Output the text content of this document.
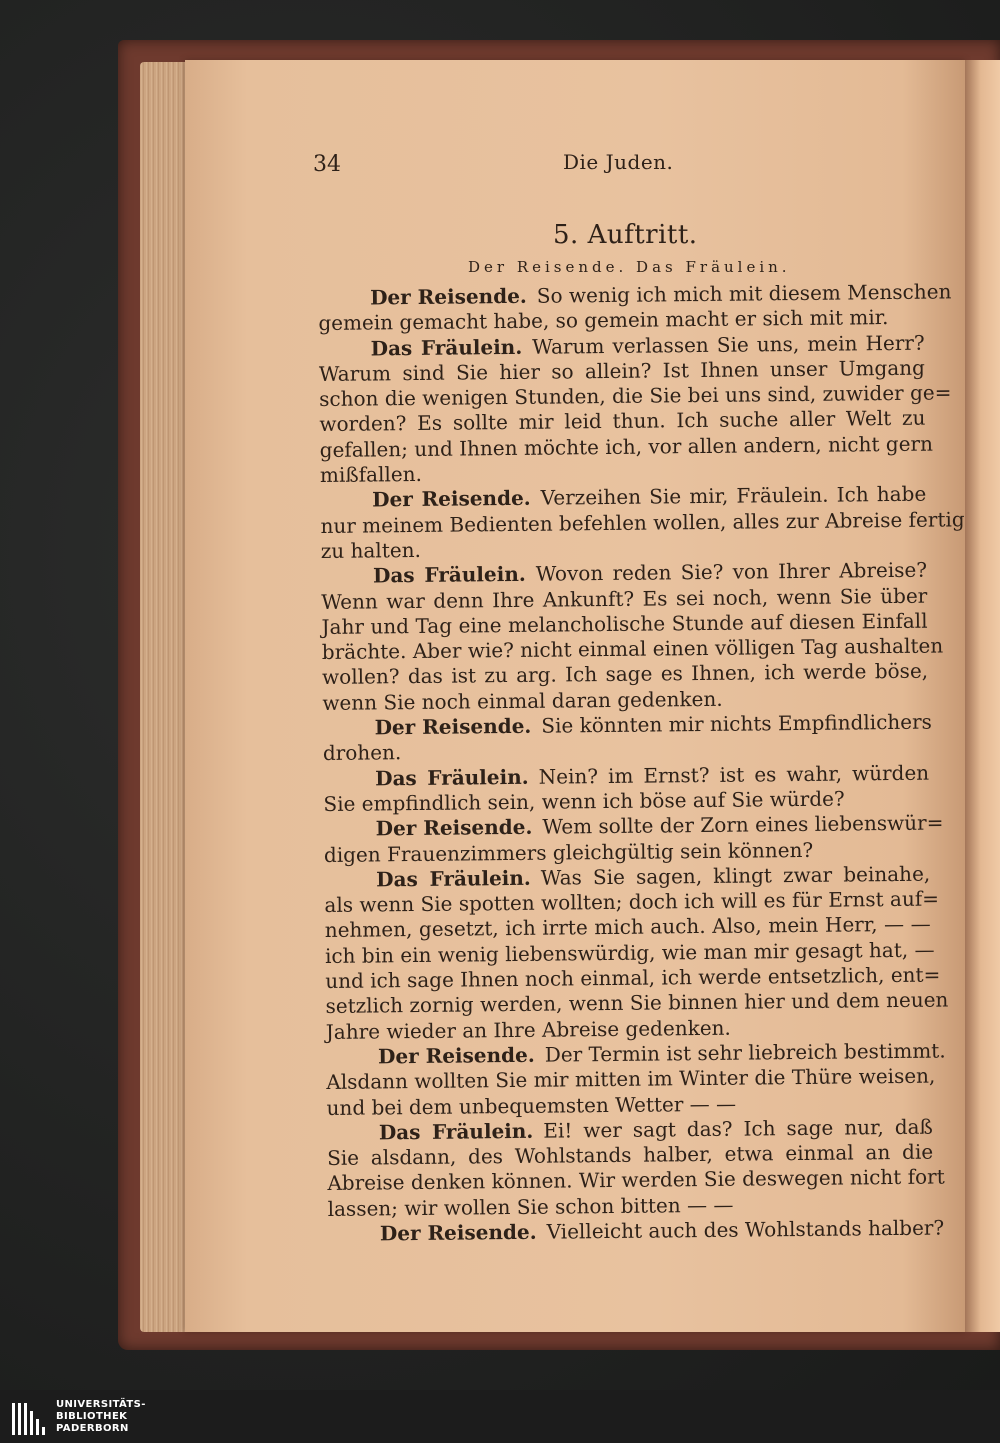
34	Die Juden.
5. Auftritt.
Der Reisende. Das Fräulein.
Der Reisende.  So wenig ich mich mit diesem Menschen
gemein gemacht habe, so gemein macht er sich mit mir.
Das Fräulein.  Warum verlassen Sie uns, mein Herr?
Warum sind Sie hier so allein? Ist Ihnen unser Umgang
schon die wenigen Stunden, die Sie bei uns sind, zuwider ge=
worden? Es sollte mir leid thun. Ich suche aller Welt zu
gefallen; und Ihnen möchte ich, vor allen andern, nicht gern
mißfallen.
Der Reisende.  Verzeihen Sie mir, Fräulein. Ich habe
nur meinem Bedienten befehlen wollen, alles zur Abreise fertig
zu halten.
Das Fräulein.  Wovon reden Sie? von Ihrer Abreise?
Wenn war denn Ihre Ankunft? Es sei noch, wenn Sie über
Jahr und Tag eine melancholische Stunde auf diesen Einfall
brächte. Aber wie? nicht einmal einen völligen Tag aushalten
wollen? das ist zu arg. Ich sage es Ihnen, ich werde böse,
wenn Sie noch einmal daran gedenken.
Der Reisende.  Sie könnten mir nichts Empfindlichers
drohen.
Das Fräulein.  Nein? im Ernst? ist es wahr, würden
Sie empfindlich sein, wenn ich böse auf Sie würde?
Der Reisende.  Wem sollte der Zorn eines liebenswür=
digen Frauenzimmers gleichgültig sein können?
Das Fräulein.  Was Sie sagen, klingt zwar beinahe,
als wenn Sie spotten wollten; doch ich will es für Ernst auf=
nehmen, gesetzt, ich irrte mich auch. Also, mein Herr, — —
ich bin ein wenig liebenswürdig, wie man mir gesagt hat, —
und ich sage Ihnen noch einmal, ich werde entsetzlich, ent=
setzlich zornig werden, wenn Sie binnen hier und dem neuen
Jahre wieder an Ihre Abreise gedenken.
Der Reisende.  Der Termin ist sehr liebreich bestimmt.
Alsdann wollten Sie mir mitten im Winter die Thüre weisen,
und bei dem unbequemsten Wetter — —
Das Fräulein.  Ei! wer sagt das? Ich sage nur, daß
Sie alsdann, des Wohlstands halber, etwa einmal an die
Abreise denken können. Wir werden Sie deswegen nicht fort
lassen; wir wollen Sie schon bitten — —
Der Reisende.  Vielleicht auch des Wohlstands halber?
UNIVERSITÄTS-
BIBLIOTHEK
PADERBORN
